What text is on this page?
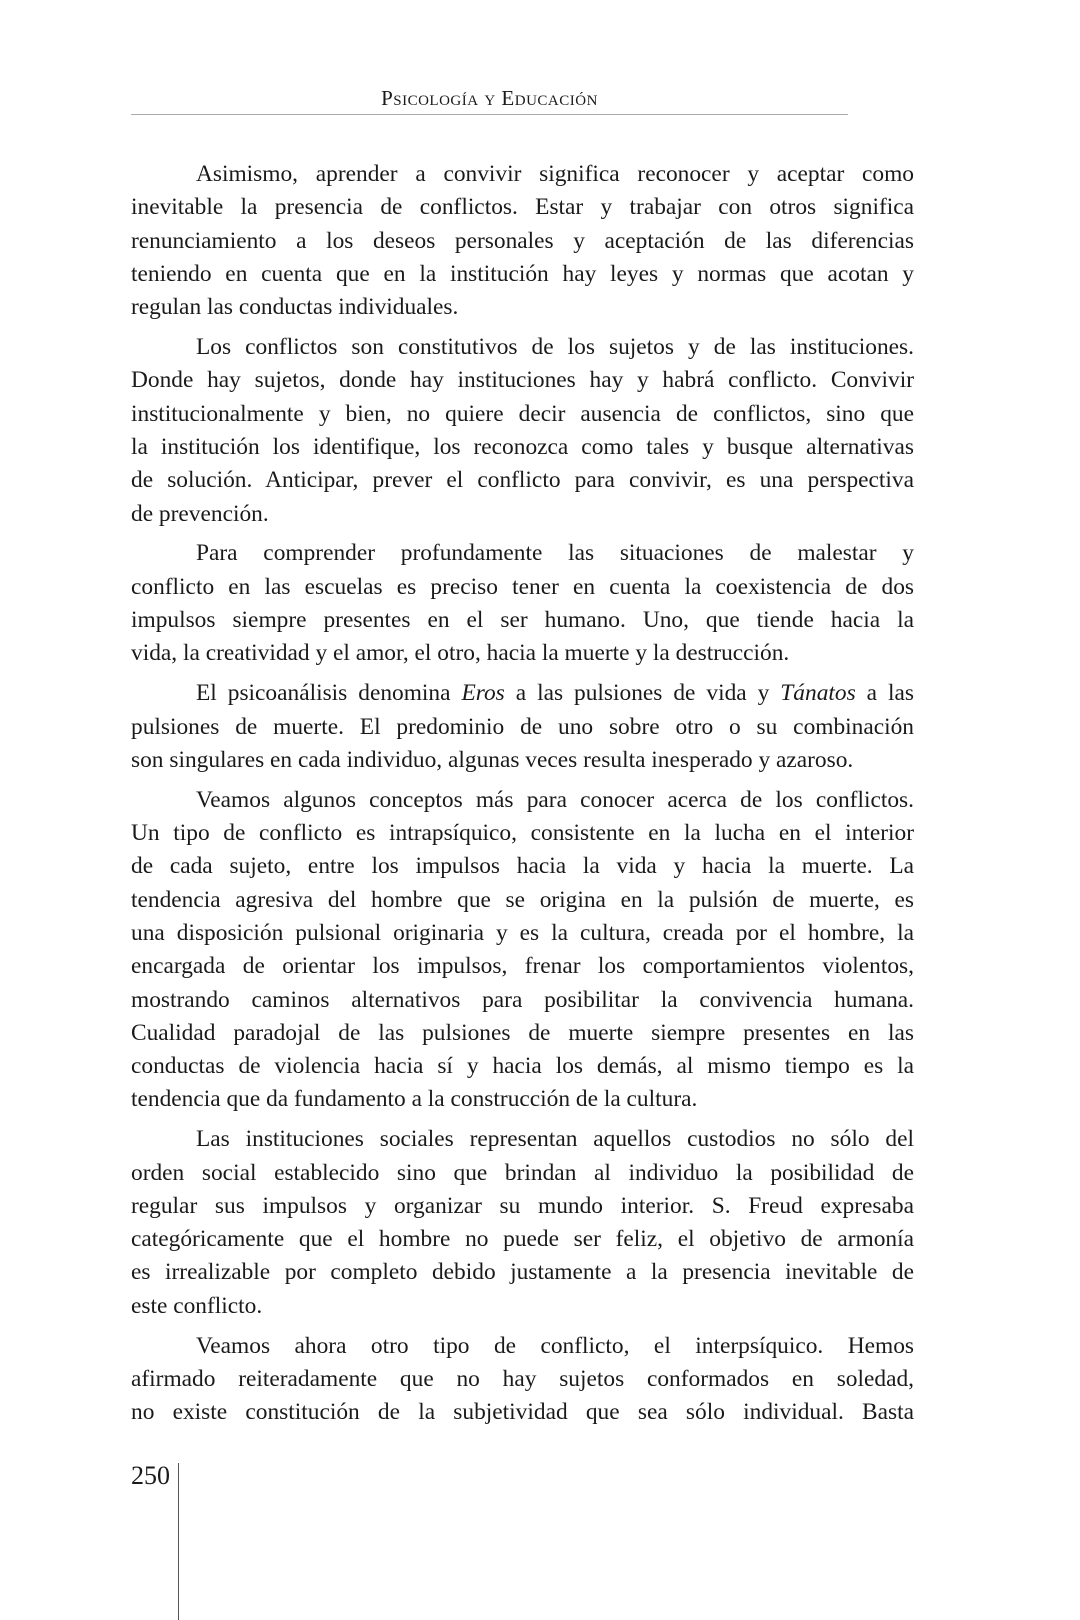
Psicología y Educación
Asimismo, aprender a convivir significa reconocer y aceptar como
inevitable la presencia de conflictos. Estar y trabajar con otros significa
renunciamiento a los deseos personales y aceptación de las diferencias
teniendo en cuenta que en la institución hay leyes y normas que acotan y
regulan las conductas individuales.
Los conflictos son constitutivos de los sujetos y de las instituciones.
Donde hay sujetos, donde hay instituciones hay y habrá conflicto. Convivir
institucionalmente y bien, no quiere decir ausencia de conflictos, sino que
la institución los identifique, los reconozca como tales y busque alternativas
de solución. Anticipar, prever el conflicto para convivir, es una perspectiva
de prevención.
Para comprender profundamente las situaciones de malestar y
conflicto en las escuelas es preciso tener en cuenta la coexistencia de dos
impulsos siempre presentes en el ser humano. Uno, que tiende hacia la
vida, la creatividad y el amor, el otro, hacia la muerte y la destrucción.
El psicoanálisis denomina Eros a las pulsiones de vida y Tánatos a las
pulsiones de muerte. El predominio de uno sobre otro o su combinación
son singulares en cada individuo, algunas veces resulta inesperado y azaroso.
Veamos algunos conceptos más para conocer acerca de los conflictos.
Un tipo de conflicto es intrapsíquico, consistente en la lucha en el interior
de cada sujeto, entre los impulsos hacia la vida y hacia la muerte. La
tendencia agresiva del hombre que se origina en la pulsión de muerte, es
una disposición pulsional originaria y es la cultura, creada por el hombre, la
encargada de orientar los impulsos, frenar los comportamientos violentos,
mostrando caminos alternativos para posibilitar la convivencia humana.
Cualidad paradojal de las pulsiones de muerte siempre presentes en las
conductas de violencia hacia sí y hacia los demás, al mismo tiempo es la
tendencia que da fundamento a la construcción de la cultura.
Las instituciones sociales representan aquellos custodios no sólo del
orden social establecido sino que brindan al individuo la posibilidad de
regular sus impulsos y organizar su mundo interior. S. Freud expresaba
categóricamente que el hombre no puede ser feliz, el objetivo de armonía
es irrealizable por completo debido justamente a la presencia inevitable de
este conflicto.
Veamos ahora otro tipo de conflicto, el interpsíquico. Hemos
afirmado reiteradamente que no hay sujetos conformados en soledad,
no existe constitución de la subjetividad que sea sólo individual. Basta
250
